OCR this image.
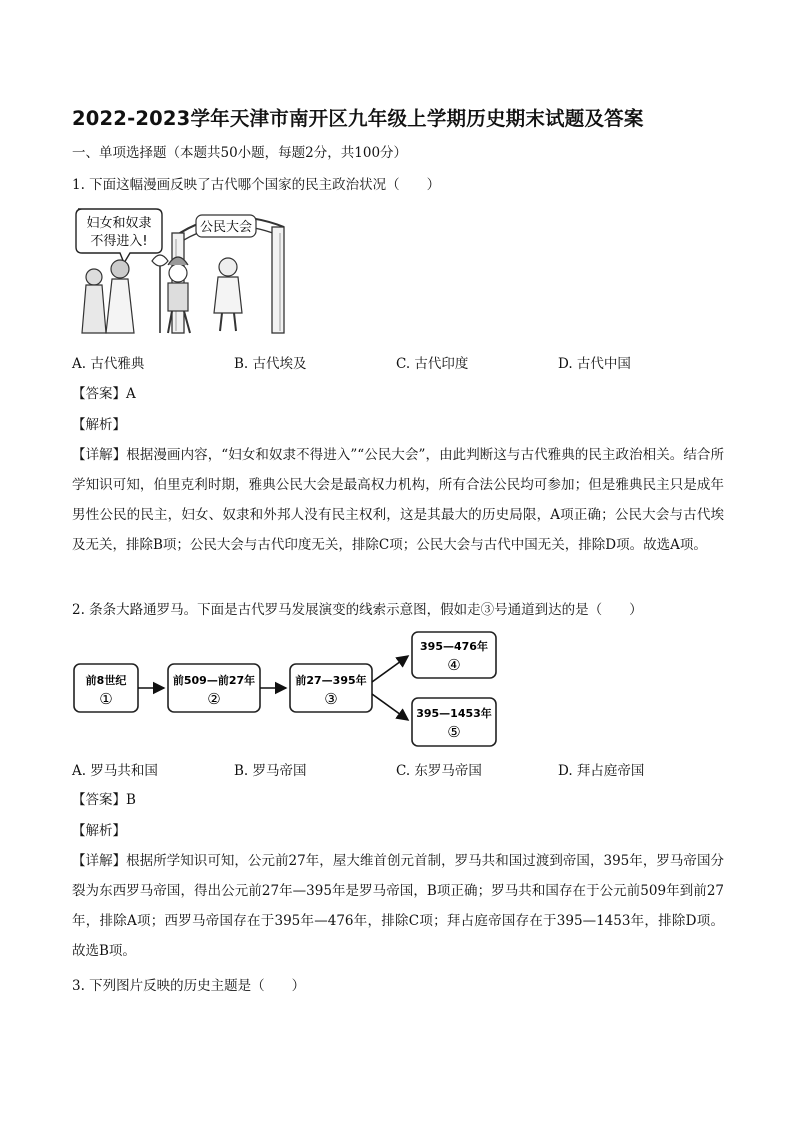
2022-2023学年天津市南开区九年级上学期历史期末试题及答案
一、单项选择题（本题共50小题，每题2分，共100分）
1. 下面这幅漫画反映了古代哪个国家的民主政治状况（　　）
妇女和奴隶
不得进入!
公民大会
A. 古代雅典	B. 古代埃及	C. 古代印度	D. 古代中国
【答案】A
【解析】
【详解】根据漫画内容，“妇女和奴隶不得进入”“公民大会”，由此判断这与古代雅典的民主政治相关。结合所学知识可知，伯里克利时期，雅典公民大会是最高权力机构，所有合法公民均可参加；但是雅典民主只是成年男性公民的民主，妇女、奴隶和外邦人没有民主权利，这是其最大的历史局限，A项正确；公民大会与古代埃及无关，排除B项；公民大会与古代印度无关，排除C项；公民大会与古代中国无关，排除D项。故选A项。
2. 条条大路通罗马。下面是古代罗马发展演变的线索示意图，假如走③号通道到达的是（　　）
前8世纪
①
前509—前27年
②
前27—395年
③
395—476年
④
395—1453年
⑤
A. 罗马共和国	B. 罗马帝国	C. 东罗马帝国	D. 拜占庭帝国
【答案】B
【解析】
【详解】根据所学知识可知，公元前27年，屋大维首创元首制，罗马共和国过渡到帝国，395年，罗马帝国分裂为东西罗马帝国，得出公元前27年—395年是罗马帝国，B项正确；罗马共和国存在于公元前509年到前27年，排除A项；西罗马帝国存在于395年—476年，排除C项；拜占庭帝国存在于395—1453年，排除D项。故选B项。
3. 下列图片反映的历史主题是（　　）
